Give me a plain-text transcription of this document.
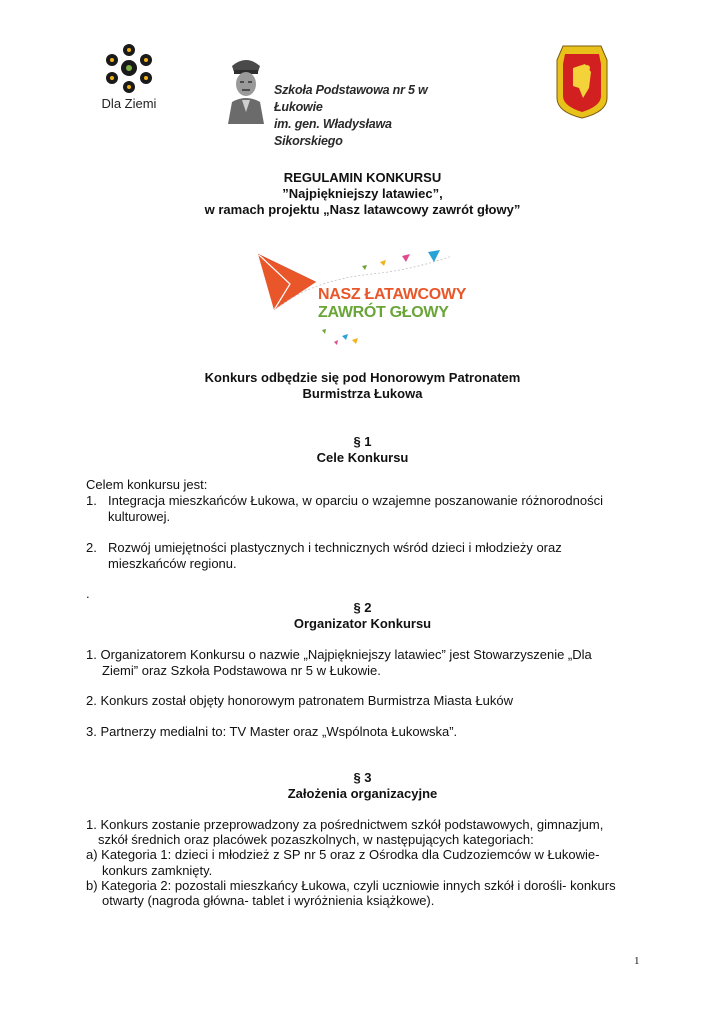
Dla Ziemi
Szkoła Podstawowa nr 5 w Łukowie
im. gen. Władysława Sikorskiego
REGULAMIN KONKURSU
”Najpiękniejszy latawiec”,
w ramach projektu „Nasz latawcowy zawrót głowy”
NASZ ŁATAWCOWY
ZAWRÓT GŁOWY
Konkurs odbędzie się pod Honorowym Patronatem
Burmistrza Łukowa
§ 1
Cele Konkursu
Celem konkursu jest:
1. Integracja mieszkańców Łukowa, w oparciu o wzajemne poszanowanie różnorodności
kulturowej.
2. Rozwój umiejętności plastycznych i technicznych wśród dzieci i młodzieży oraz
mieszkańców regionu.
.
§ 2
Organizator Konkursu
1. Organizatorem Konkursu o nazwie „Najpiękniejszy latawiec” jest Stowarzyszenie „Dla
Ziemi” oraz Szkoła Podstawowa nr 5 w Łukowie.
2. Konkurs został objęty honorowym patronatem Burmistrza Miasta Łuków
3. Partnerzy medialni to: TV Master oraz „Wspólnota Łukowska”.
§ 3
Założenia organizacyjne
1. Konkurs zostanie przeprowadzony za pośrednictwem szkół podstawowych, gimnazjum,
szkół średnich oraz placówek pozaszkolnych, w następujących kategoriach:
a) Kategoria 1: dzieci i młodzież z SP nr 5 oraz z Ośrodka dla Cudzoziemców w Łukowie-
konkurs zamknięty.
b) Kategoria 2: pozostali mieszkańcy Łukowa, czyli uczniowie innych szkół i dorośli- konkurs
otwarty (nagroda główna- tablet i wyróżnienia książkowe).
1
